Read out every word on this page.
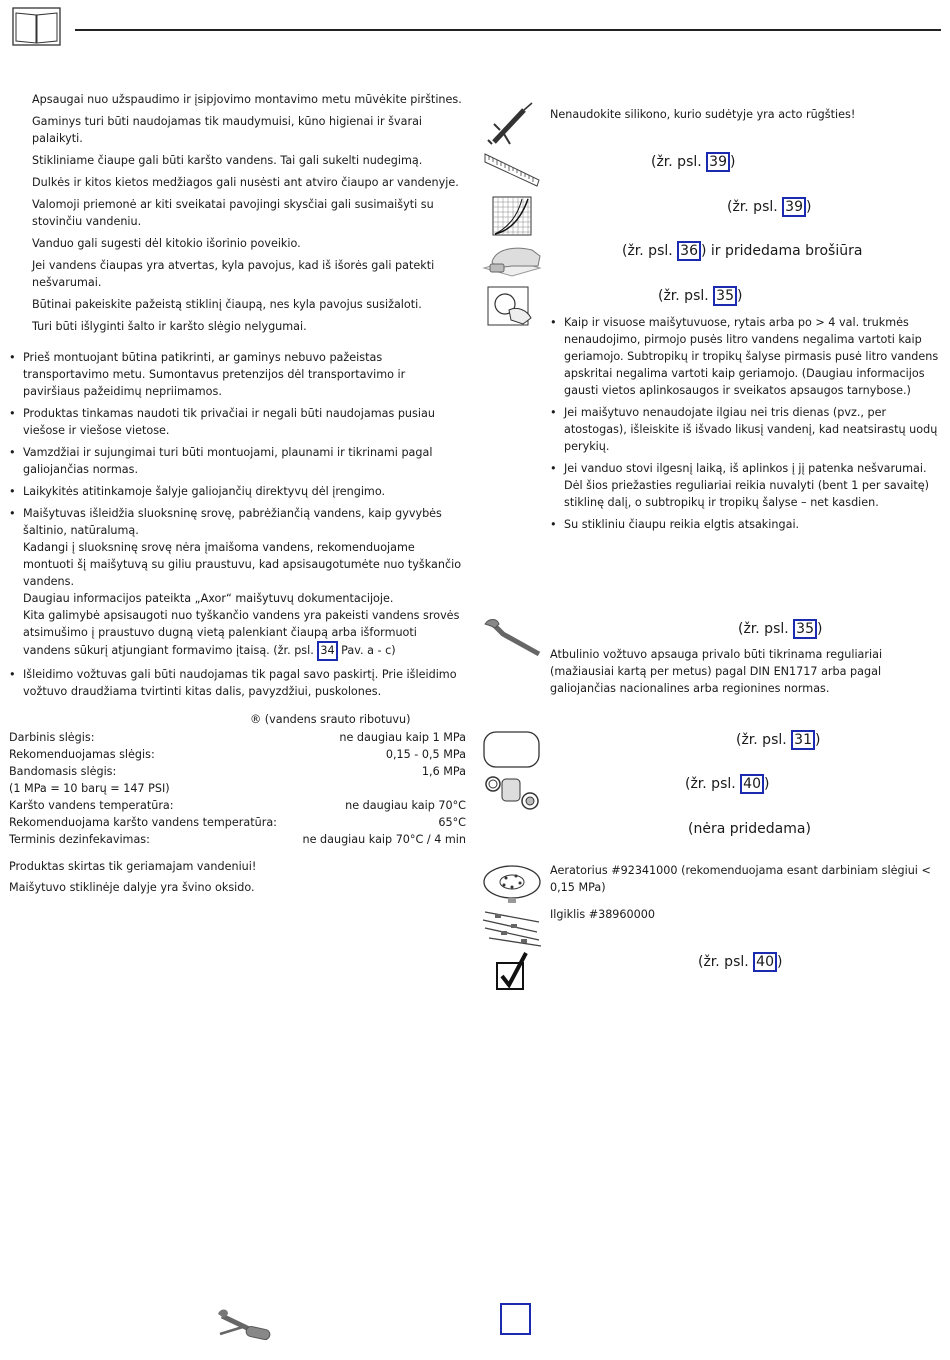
Apsaugai nuo užspaudimo ir įsipjovimo montavimo metu mūvėkite pirštines.

Gaminys turi būti naudojamas tik maudymuisi, kūno higienai ir švarai palaikyti.

Stikliniame čiaupe gali būti karšto vandens. Tai gali sukelti nudegimą.

Dulkės ir kitos kietos medžiagos gali nusėsti ant atviro čiaupo ar vandenyje.

Valomoji priemonė ar kiti sveikatai pavojingi skysčiai gali susimaišyti su stovinčiu vandeniu.

Vanduo gali sugesti dėl kitokio išorinio poveikio.

Jei vandens čiaupas yra atvertas, kyla pavojus, kad iš išorės gali patekti nešvarumai.

Būtinai pakeiskite pažeistą stiklinį čiaupą, nes kyla pavojus susižaloti.

Turi būti išlyginti šalto ir karšto slėgio nelygumai.

• Prieš montuojant būtina patikrinti, ar gaminys nebuvo pažeistas transportavimo metu. Sumontavus pretenzijos dėl transportavimo ir paviršiaus pažeidimų nepriimamos.
• Produktas tinkamas naudoti tik privačiai ir negali būti naudojamas pusiau viešose ir viešose vietose.
• Vamzdžiai ir sujungimai turi būti montuojami, plaunami ir tikrinami pagal galiojančias normas.
• Laikykitės atitinkamoje šalyje galiojančių direktyvų dėl įrengimo.
• Maišytuvas išleidžia sluoksninę srovę, pabrėžiančią vandens, kaip gyvybės šaltinio, natūralumą.
Kadangi į sluoksninę srovę nėra įmaišoma vandens, rekomenduojame montuoti šį maišytuvą su giliu praustuvu, kad apsisaugotumėte nuo tyškančio vandens.
Daugiau informacijos pateikta „Axor“ maišytuvų dokumentacijoje.
Kita galimybė apsisaugoti nuo tyškančio vandens yra pakeisti vandens srovės atsimušimo į praustuvo dugną vietą palenkiant čiaupą arba išformuoti vandens sūkurį atjungiant formavimo įtaisą. (žr. psl. 34 Pav. a - c)
• Išleidimo vožtuvas gali būti naudojamas tik pagal savo paskirtį. Prie išleidimo vožtuvo draudžiama tvirtinti kitas dalis, pavyzdžiui, puskolones.
® (vandens srauto ribotuvu)
Darbinis slėgis:	ne daugiau kaip 1 MPa
Rekomenduojamas slėgis:	0,15 - 0,5 MPa
Bandomasis slėgis:	1,6 MPa
(1 MPa = 10 barų = 147 PSI)
Karšto vandens temperatūra:	ne daugiau kaip 70°C
Rekomenduojama karšto vandens temperatūra:	65°C
Terminis dezinfekavimas:	ne daugiau kaip 70°C / 4 min
Produktas skirtas tik geriamajam vandeniui!
Maišytuvo stiklinėje dalyje yra švino oksido.
Nenaudokite silikono, kurio sudėtyje yra acto rūgšties!
(žr. psl. 39 )
(žr. psl. 39 )
(žr. psl. 36 ) ir pridedama brošiūra
(žr. psl. 35 )
• Kaip ir visuose maišytuvuose, rytais arba po > 4 val. trukmės nenaudojimo, pirmojo pusės litro vandens negalima vartoti kaip geriamojo. Subtropikų ir tropikų šalyse pirmasis pusė litro vandens apskritai negalima vartoti kaip geriamojo. (Daugiau informacijos gausti vietos aplinkosaugos ir sveikatos apsaugos tarnybose.)
• Jei maišytuvo nenaudojate ilgiau nei tris dienas (pvz., per atostogas), išleiskite iš išvado likusį vandenį, kad neatsirastų uodų perykių.
• Jei vanduo stovi ilgesnį laiką, iš aplinkos į jį patenka nešvarumai. Dėl šios priežasties reguliariai reikia nuvalyti (bent 1 per savaitę) stiklinę dalį, o subtropikų ir tropikų šalyse – net kasdien.
• Su stikliniu čiaupu reikia elgtis atsakingai.
(žr. psl. 35 )
Atbulinio vožtuvo apsauga privalo būti tikrinama reguliariai (mažiausiai kartą per metus) pagal DIN EN1717 arba pagal galiojančias nacionalines arba regionines normas.
(žr. psl. 31 )
(žr. psl. 40 )
(nėra pridedama)
Aeratorius #92341000 (rekomenduojama esant darbiniam slėgiui < 0,15 MPa)
Ilgiklis #38960000
(žr. psl. 40 )
